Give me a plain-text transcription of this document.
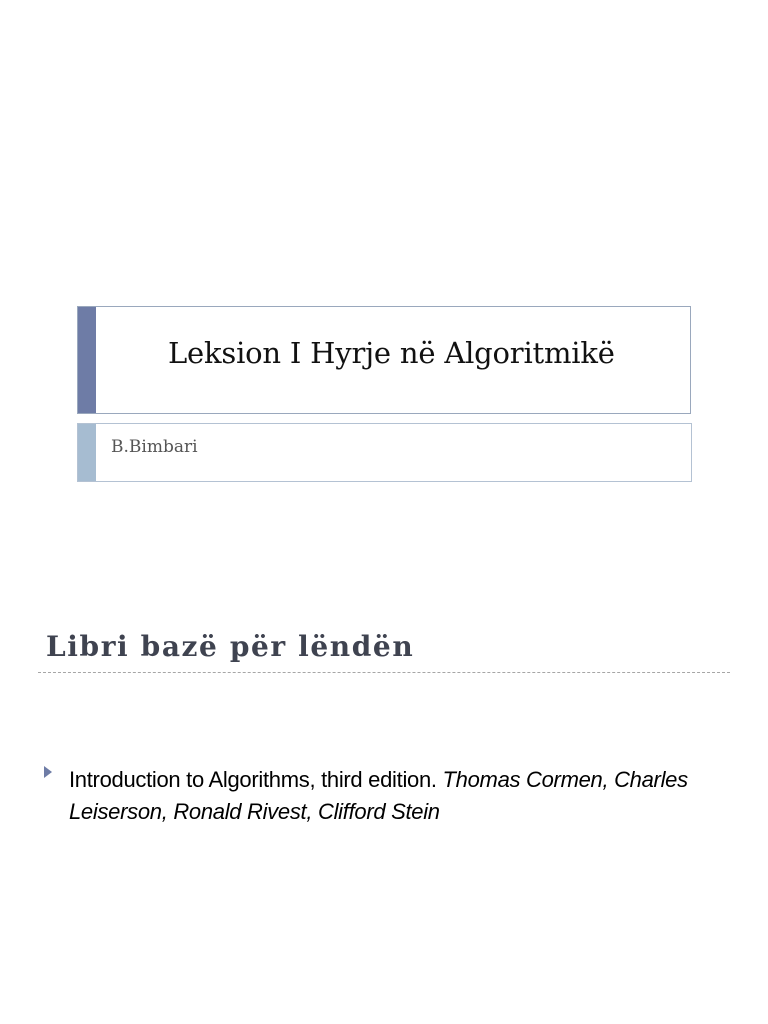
Leksion I Hyrje në Algoritmikë
B.Bimbari
Libri bazë për lëndën
Introduction to Algorithms, third edition. Thomas Cormen, Charles Leiserson, Ronald Rivest, Clifford Stein
